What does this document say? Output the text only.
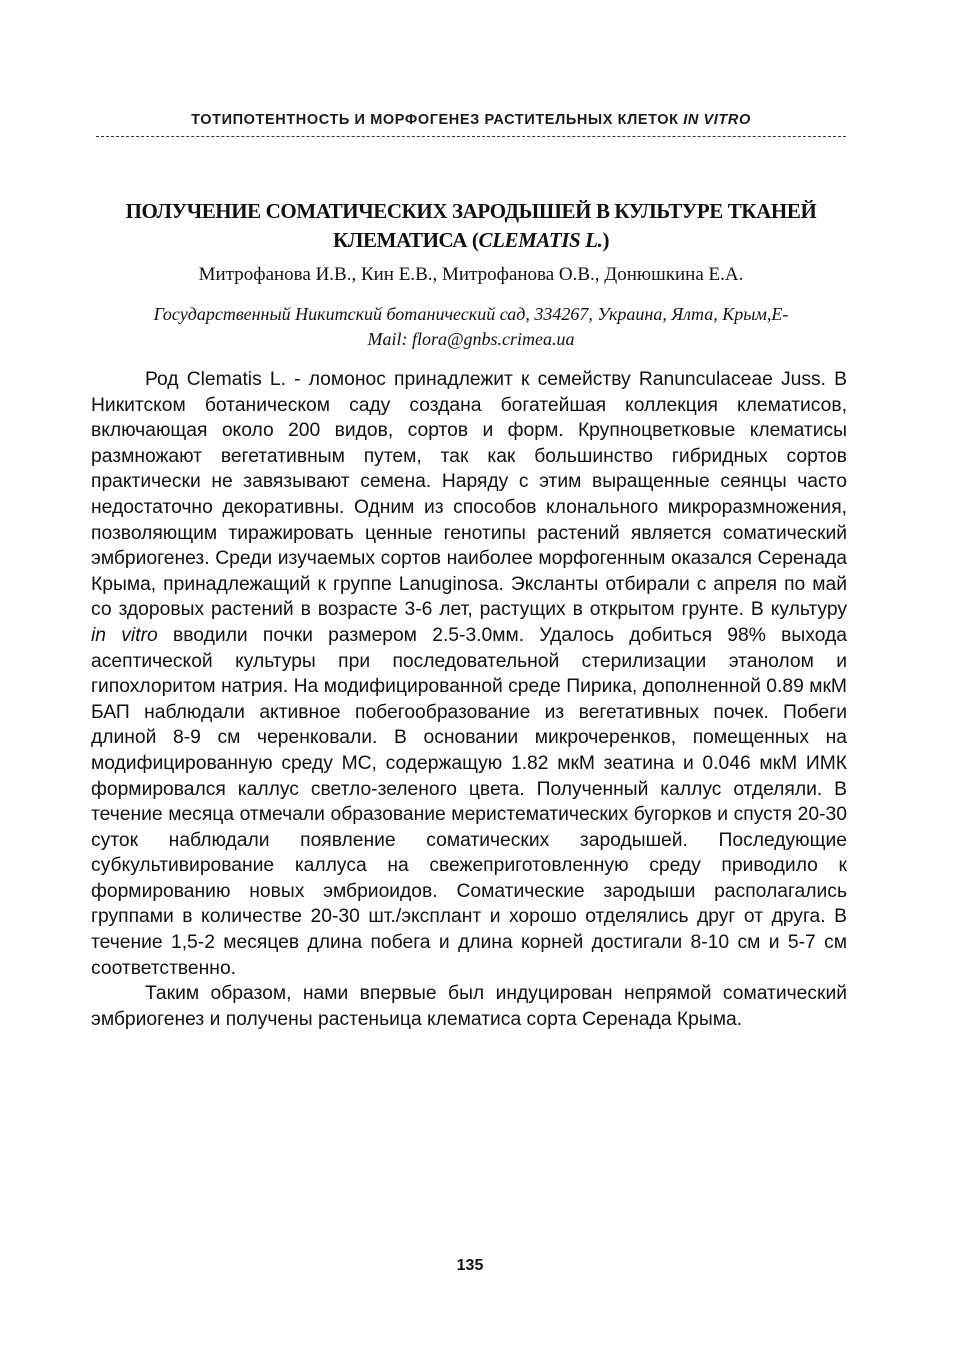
ТОТИПОТЕНТНОСТЬ И МОРФОГЕНЕЗ РАСТИТЕЛЬНЫХ КЛЕТОК IN VITRO
ПОЛУЧЕНИЕ СОМАТИЧЕСКИХ ЗАРОДЫШЕЙ В КУЛЬТУРЕ ТКАНЕЙ
КЛЕМАТИСА (CLEMATIS L.)
Митрофанова И.В., Кин Е.В., Митрофанова О.В., Донюшкина Е.А.
Государственный Никитский ботанический сад, 334267, Украина, Ялта, Крым,E-
Mail: flora@gnbs.crimea.ua

Род Clematis L. - ломонос принадлежит к семейству Ranunculaceae Juss. В Никитском ботаническом саду создана богатейшая коллекция клематисов, включающая около 200 видов, сортов и форм. Крупноцветковые клематисы размножают вегетативным путем, так как большинство гибридных сортов практически не завязывают семена. Наряду с этим выращенные сеянцы часто недостаточно декоративны. Одним из способов клонального микроразмножения, позволяющим тиражировать ценные генотипы растений является соматический эмбриогенез. Среди изучаемых сортов наиболее морфогенным оказался Серенада Крыма, принадлежащий к группе Lanuginosa. Эксланты отбирали с апреля по май со здоровых растений в возрасте 3-6 лет, растущих в открытом грунте. В культуру in vitro вводили почки размером 2.5-3.0мм. Удалось добиться 98% выхода асептической культуры при последовательной стерилизации этанолом и гипохлоритом натрия. На модифицированной среде Пирика, дополненной 0.89 мкМ БАП наблюдали активное побегообразование из вегетативных почек. Побеги длиной 8-9 см черенковали. В основании микрочеренков, помещенных на модифицированную среду МС, содержащую 1.82 мкМ зеатина и 0.046 мкМ ИМК формировался каллус светло-зеленого цвета. Полученный каллус отделяли. В течение месяца отмечали образование меристематических бугорков и спустя 20-30 суток наблюдали появление соматических зародышей. Последующие субкультивирование каллуса на свежеприготовленную среду приводило к формированию новых эмбриоидов. Соматические зародыши располагались группами в количестве 20-30 шт./эксплант и хорошо отделялись друг от друга. В течение 1,5-2 месяцев длина побега и длина корней достигали 8-10 см и 5-7 см соответственно.

Таким образом, нами впервые был индуцирован непрямой соматический эмбриогенез и получены растеньица клематиса сорта Серенада Крыма.

135
